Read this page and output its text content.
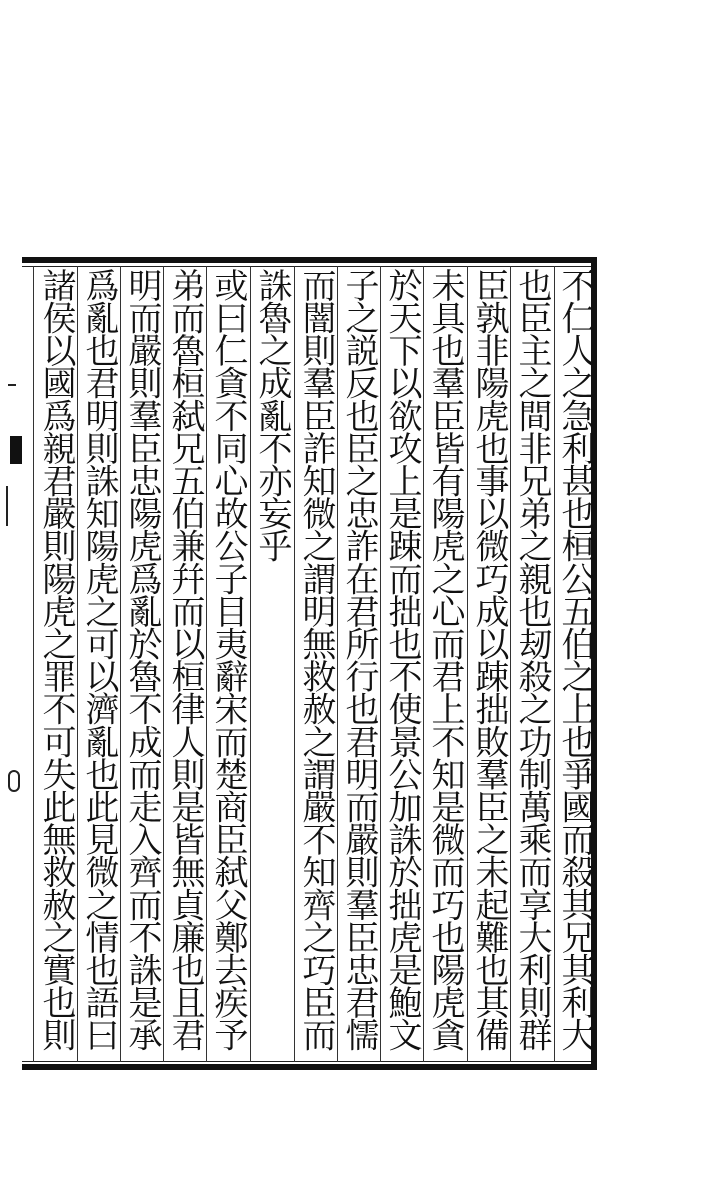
不仁人之急利甚也桓公五伯之上也爭國而殺其兄其利大
也臣主之間非兄弟之親也刼殺之功制萬乘而享大利則群
臣孰非陽虎也事以微巧成以踈拙敗羣臣之未起難也其備
未具也羣臣皆有陽虎之心而君上不知是微而巧也陽虎貪
於天下以欲攻上是踈而拙也不使景公加誅於拙虎是鮑文
子之説反也臣之忠詐在君所行也君明而嚴則羣臣忠君懦
而闇則羣臣詐知微之謂明無救赦之謂嚴不知齊之巧臣而
誅魯之成亂不亦妄乎
或曰仁貪不同心故公子目夷辭宋而楚商臣弑父鄭去疾予
弟而魯桓弑兄五伯兼幷而以桓律人則是皆無貞廉也且君
明而嚴則羣臣忠陽虎爲亂於魯不成而走入齊而不誅是承
爲亂也君明則誅知陽虎之可以濟亂也此見微之情也語曰
諸侯以國爲親君嚴則陽虎之罪不可失此無救赦之實也則
